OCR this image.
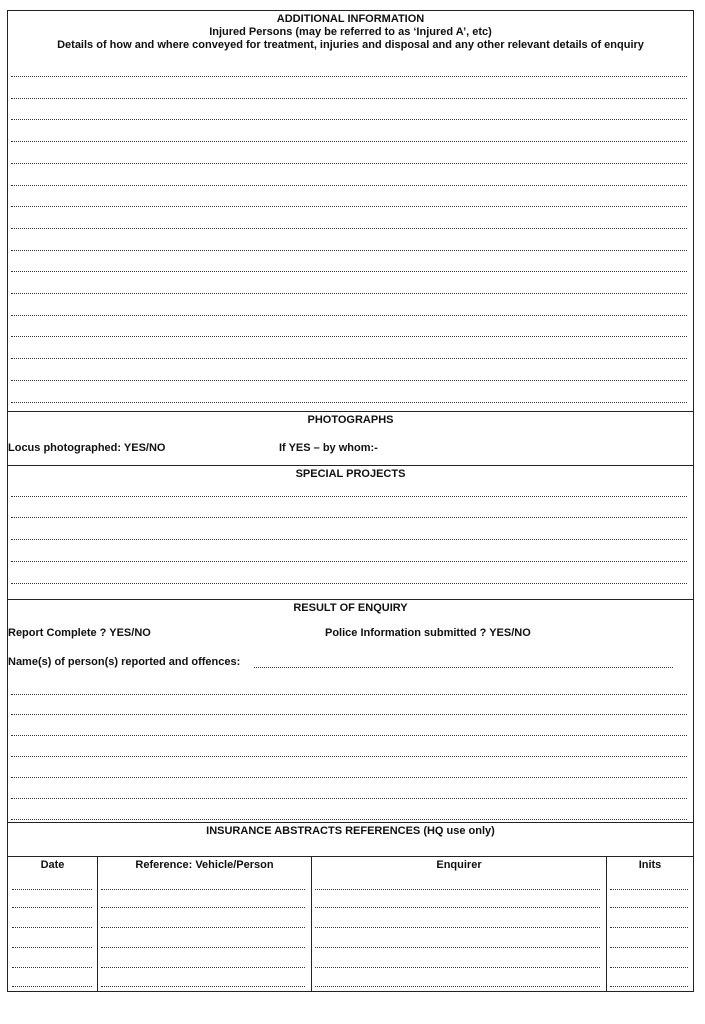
ADDITIONAL INFORMATION
Injured Persons (may be referred to as ‘Injured A’, etc)
Details of how and where conveyed for treatment, injuries and disposal and any other relevant details of enquiry
PHOTOGRAPHS
Locus photographed: YES/NO	If YES – by whom:-
SPECIAL PROJECTS
RESULT OF ENQUIRY
Report Complete ? YES/NO	Police Information submitted ? YES/NO
Name(s) of person(s) reported and offences:
INSURANCE ABSTRACTS REFERENCES (HQ use only)
Date	Reference: Vehicle/Person	Enquirer	Inits
